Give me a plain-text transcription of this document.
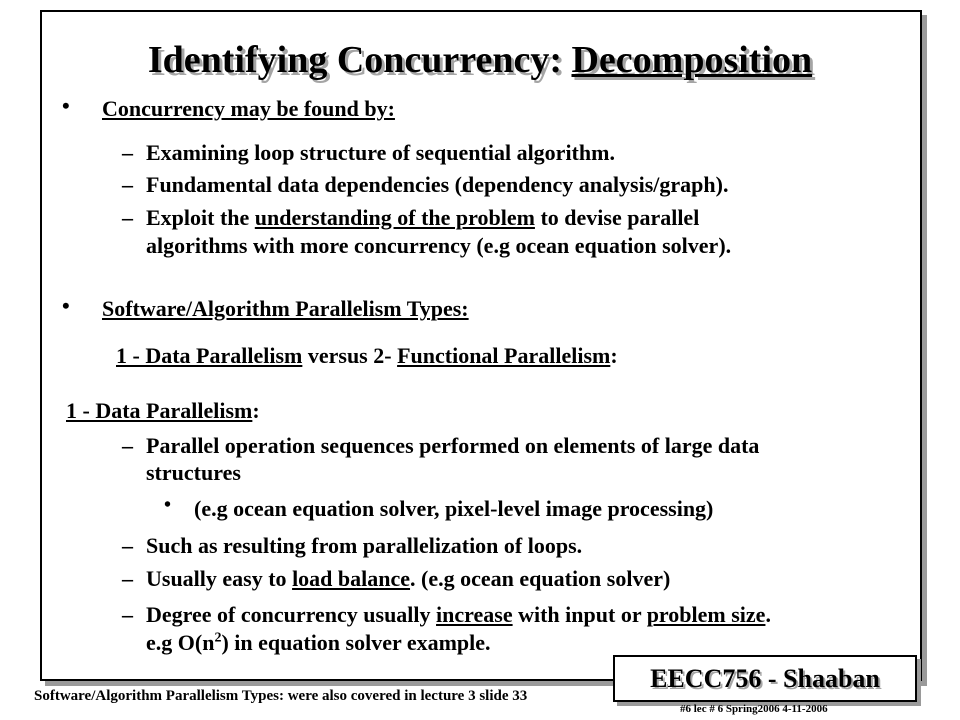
Identifying Concurrency: Decomposition
• Concurrency may be found by:
– Examining loop structure of sequential algorithm.
– Fundamental data dependencies (dependency analysis/graph).
– Exploit the understanding of the problem to devise parallel
algorithms with more concurrency (e.g ocean equation solver).
• Software/Algorithm Parallelism Types:
1 - Data Parallelism versus 2- Functional Parallelism:
1 - Data Parallelism:
– Parallel operation sequences performed on elements of large data
structures
• (e.g ocean equation solver, pixel-level image processing)
– Such as resulting from parallelization of loops.
– Usually easy to load balance. (e.g ocean equation solver)
– Degree of concurrency usually increase with input or problem size.
e.g $O(n^2)$ in equation solver example.
EECC756 - Shaaban
Software/Algorithm Parallelism Types: were also covered in lecture 3 slide 33
#6 lec # 6 Spring2006 4-11-2006
